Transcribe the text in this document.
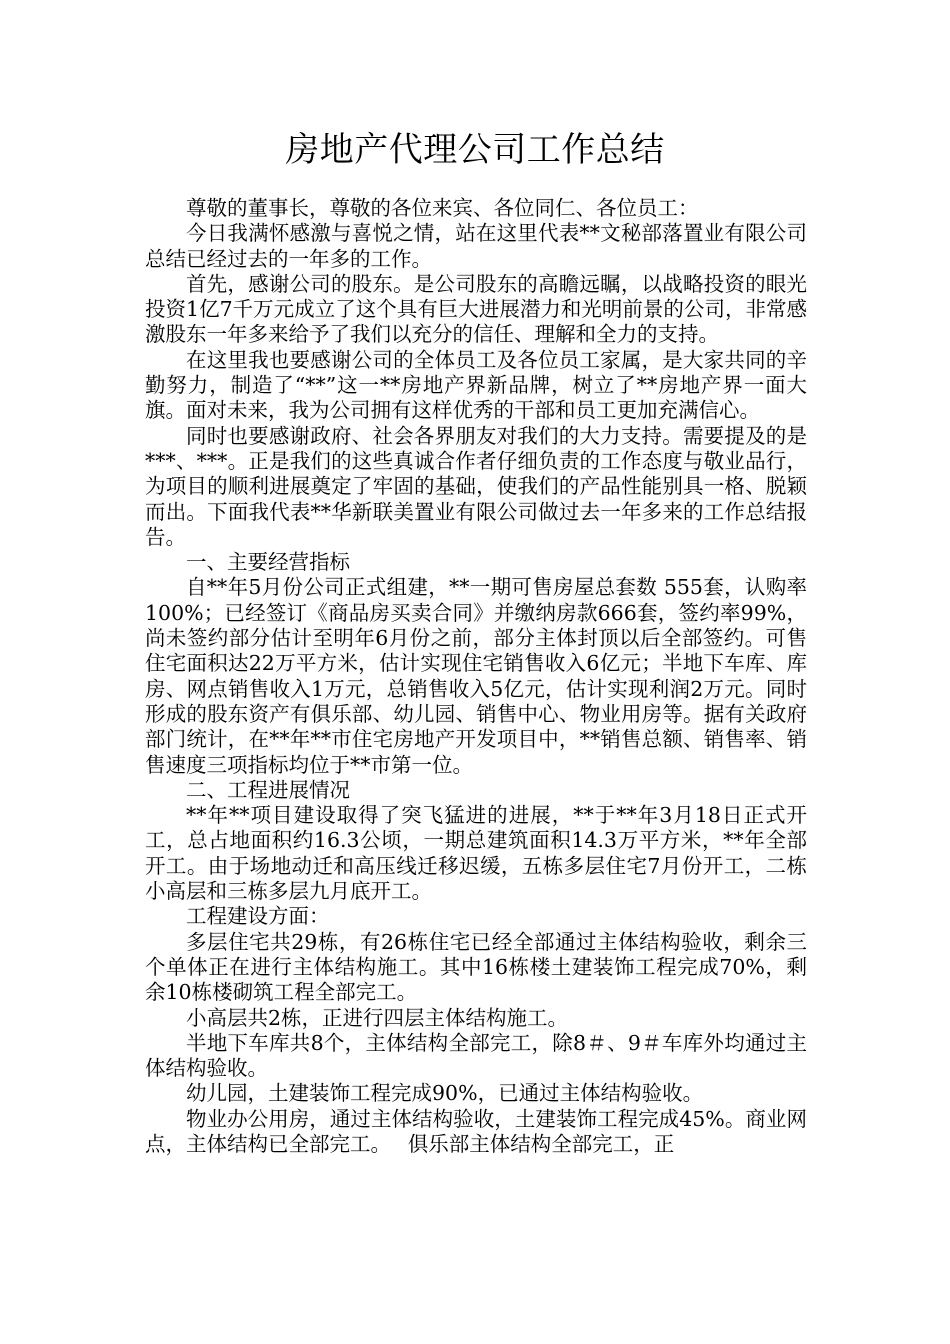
房地产代理公司工作总结

尊敬的董事长，尊敬的各位来宾、各位同仁、各位员工：

今日我满怀感激与喜悦之情，站在这里代表**文秘部落置业有限公司总结已经过去的一年多的工作。

首先，感谢公司的股东。是公司股东的高瞻远瞩，以战略投资的眼光投资1亿7千万元成立了这个具有巨大进展潜力和光明前景的公司，非常感激股东一年多来给予了我们以充分的信任、理解和全力的支持。

在这里我也要感谢公司的全体员工及各位员工家属，是大家共同的辛勤努力，制造了“**”这一**房地产界新品牌，树立了**房地产界一面大旗。面对未来，我为公司拥有这样优秀的干部和员工更加充满信心。

同时也要感谢政府、社会各界朋友对我们的大力支持。需要提及的是***、***。正是我们的这些真诚合作者仔细负责的工作态度与敬业品行，为项目的顺利进展奠定了牢固的基础，使我们的产品性能别具一格、脱颖而出。下面我代表**华新联美置业有限公司做过去一年多来的工作总结报告。

一、主要经营指标

自**年5月份公司正式组建，**一期可售房屋总套数 555套，认购率100%；已经签订《商品房买卖合同》并缴纳房款666套，签约率99%，尚未签约部分估计至明年6月份之前，部分主体封顶以后全部签约。可售住宅面积达22万平方米，估计实现住宅销售收入6亿元；半地下车库、库房、网点销售收入1万元，总销售收入5亿元，估计实现利润2万元。同时形成的股东资产有俱乐部、幼儿园、销售中心、物业用房等。据有关政府部门统计，在**年**市住宅房地产开发项目中，**销售总额、销售率、销售速度三项指标均位于**市第一位。

二、工程进展情况

**年**项目建设取得了突飞猛进的进展，**于**年3月18日正式开工，总占地面积约16.3公顷，一期总建筑面积14.3万平方米，**年全部开工。由于场地动迁和高压线迁移迟缓，五栋多层住宅7月份开工，二栋小高层和三栋多层九月底开工。

工程建设方面：

多层住宅共29栋，有26栋住宅已经全部通过主体结构验收，剩余三个单体正在进行主体结构施工。其中16栋楼土建装饰工程完成70%，剩余10栋楼砌筑工程全部完工。

小高层共2栋，正进行四层主体结构施工。

半地下车库共8个，主体结构全部完工，除8＃、9＃车库外均通过主体结构验收。

幼儿园，土建装饰工程完成90%，已通过主体结构验收。

物业办公用房，通过主体结构验收，土建装饰工程完成45%。商业网点，主体结构已全部完工。　 俱乐部主体结构全部完工，正
